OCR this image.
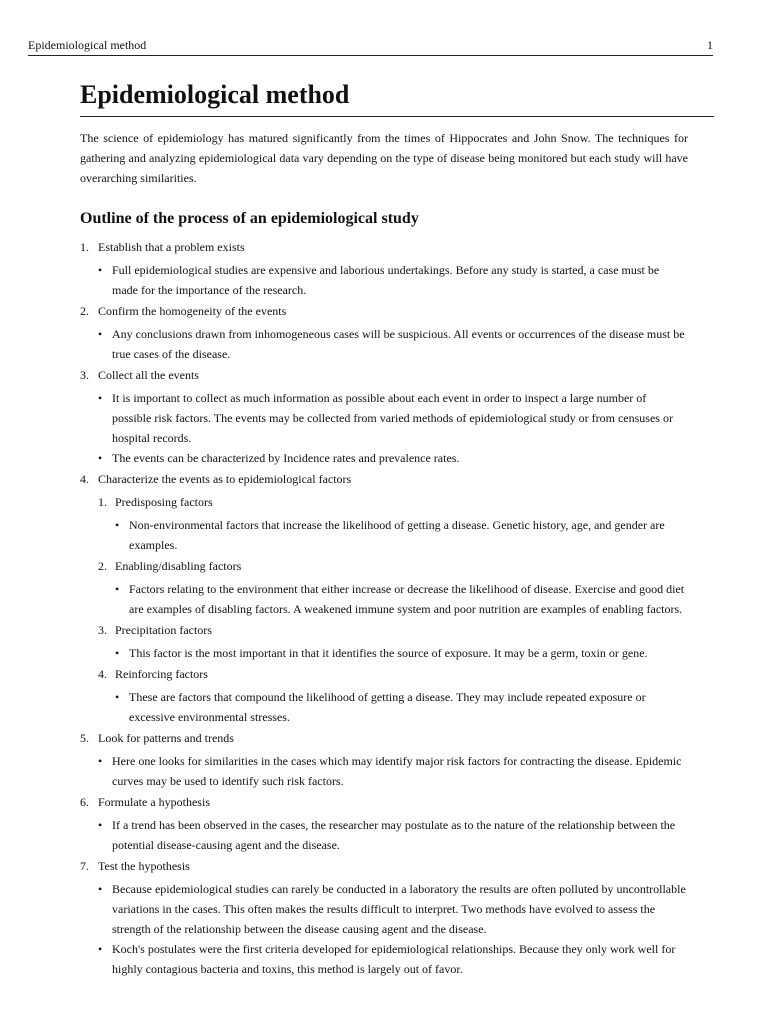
Epidemiological method	1
Epidemiological method

The science of epidemiology has matured significantly from the times of Hippocrates and John Snow. The techniques for gathering and analyzing epidemiological data vary depending on the type of disease being monitored but each study will have overarching similarities.

Outline of the process of an epidemiological study
1. Establish that a problem exists
• Full epidemiological studies are expensive and laborious undertakings. Before any study is started, a case must be made for the importance of the research.
2. Confirm the homogeneity of the events
• Any conclusions drawn from inhomogeneous cases will be suspicious. All events or occurrences of the disease must be true cases of the disease.
3. Collect all the events
• It is important to collect as much information as possible about each event in order to inspect a large number of possible risk factors. The events may be collected from varied methods of epidemiological study or from censuses or hospital records.
• The events can be characterized by Incidence rates and prevalence rates.
4. Characterize the events as to epidemiological factors
1. Predisposing factors
• Non-environmental factors that increase the likelihood of getting a disease. Genetic history, age, and gender are examples.
2. Enabling/disabling factors
• Factors relating to the environment that either increase or decrease the likelihood of disease. Exercise and good diet are examples of disabling factors. A weakened immune system and poor nutrition are examples of enabling factors.
3. Precipitation factors
• This factor is the most important in that it identifies the source of exposure. It may be a germ, toxin or gene.
4. Reinforcing factors
• These are factors that compound the likelihood of getting a disease. They may include repeated exposure or excessive environmental stresses.
5. Look for patterns and trends
• Here one looks for similarities in the cases which may identify major risk factors for contracting the disease. Epidemic curves may be used to identify such risk factors.
6. Formulate a hypothesis
• If a trend has been observed in the cases, the researcher may postulate as to the nature of the relationship between the potential disease-causing agent and the disease.
7. Test the hypothesis
• Because epidemiological studies can rarely be conducted in a laboratory the results are often polluted by uncontrollable variations in the cases. This often makes the results difficult to interpret. Two methods have evolved to assess the strength of the relationship between the disease causing agent and the disease.
• Koch's postulates were the first criteria developed for epidemiological relationships. Because they only work well for highly contagious bacteria and toxins, this method is largely out of favor.
